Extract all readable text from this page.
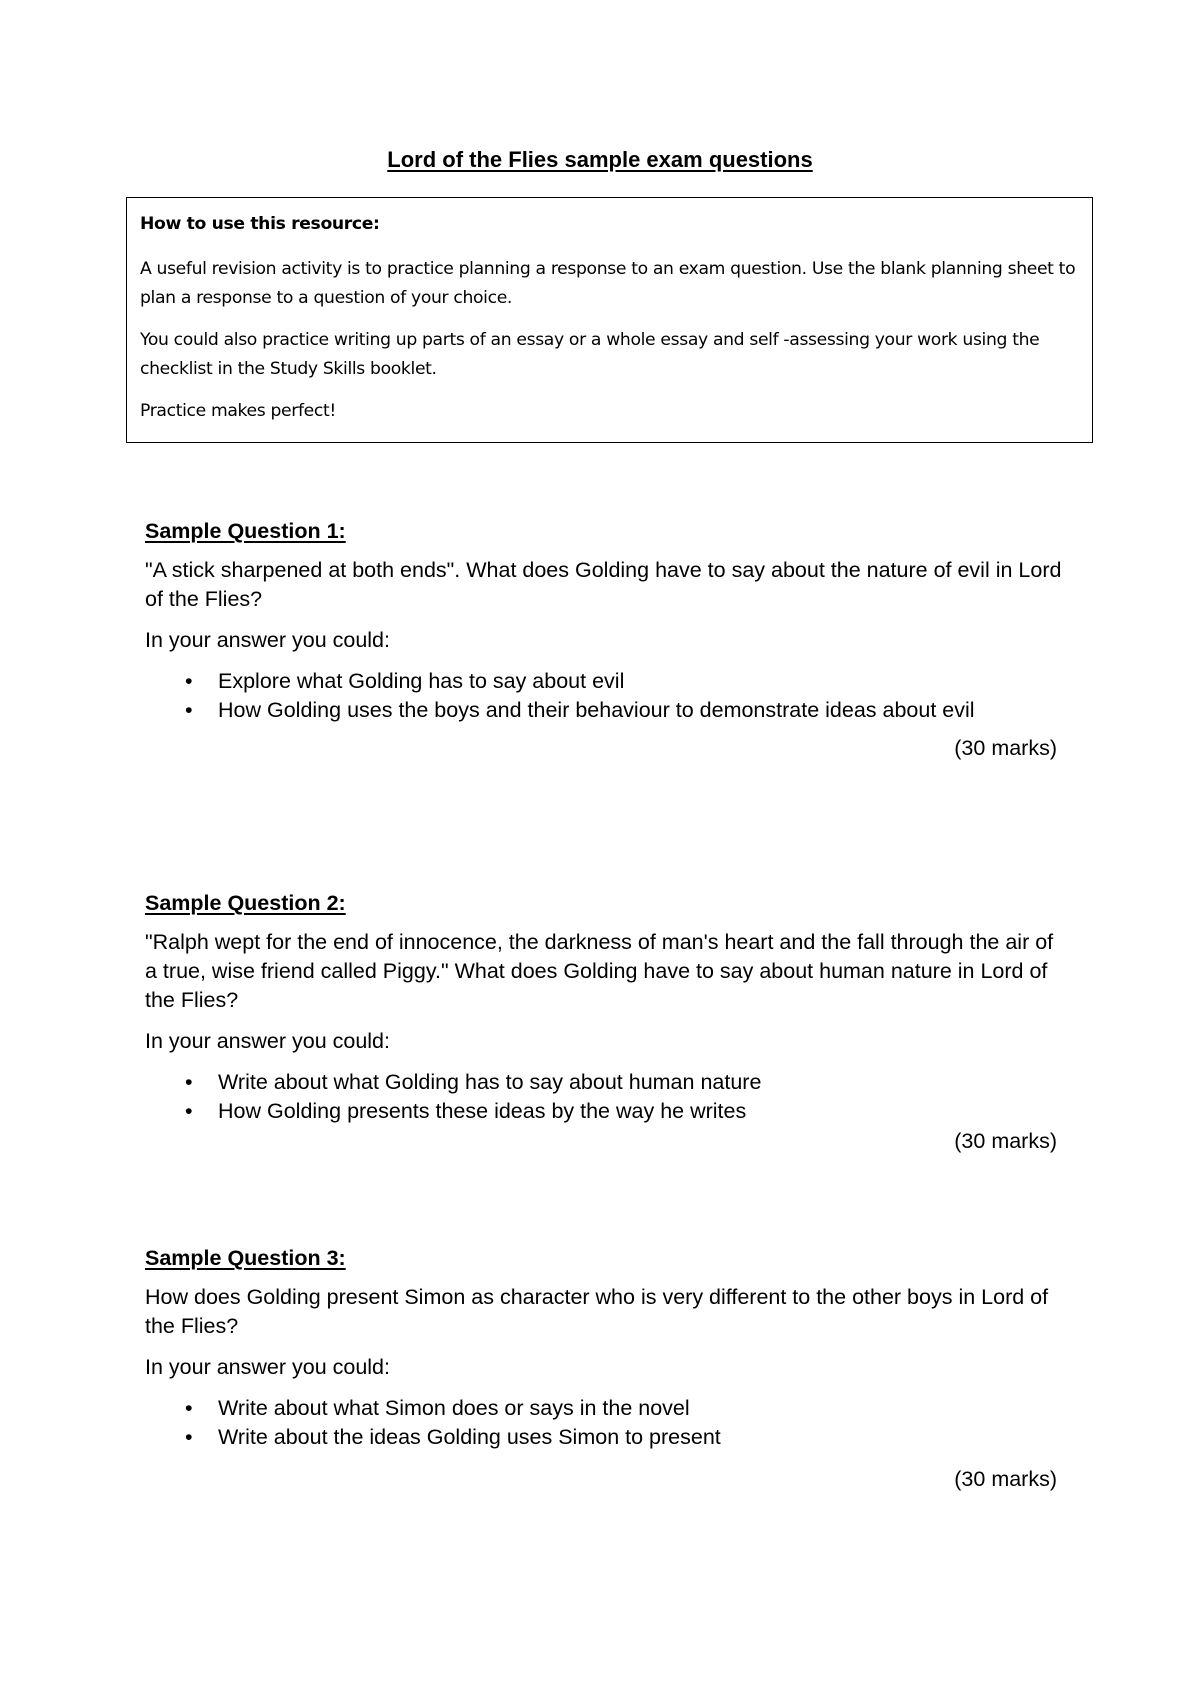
Lord of the Flies sample exam questions

How to use this resource:

A useful revision activity is to practice planning a response to an exam question. Use the blank planning sheet to plan a response to a question of your choice.

You could also practice writing up parts of an essay or a whole essay and self -assessing your work using the checklist in the Study Skills booklet.

Practice makes perfect!

Sample Question 1:

"A stick sharpened at both ends". What does Golding have to say about the nature of evil in Lord of the Flies?

In your answer you could:

• Explore what Golding has to say about evil
• How Golding uses the boys and their behaviour to demonstrate ideas about evil
(30 marks)

Sample Question 2:

"Ralph wept for the end of innocence, the darkness of man's heart and the fall through the air of a true, wise friend called Piggy." What does Golding have to say about human nature in Lord of the Flies?

In your answer you could:

• Write about what Golding has to say about human nature
• How Golding presents these ideas by the way he writes
(30 marks)

Sample Question 3:

How does Golding present Simon as character who is very different to the other boys in Lord of the Flies?

In your answer you could:

• Write about what Simon does or says in the novel
• Write about the ideas Golding uses Simon to present
(30 marks)
